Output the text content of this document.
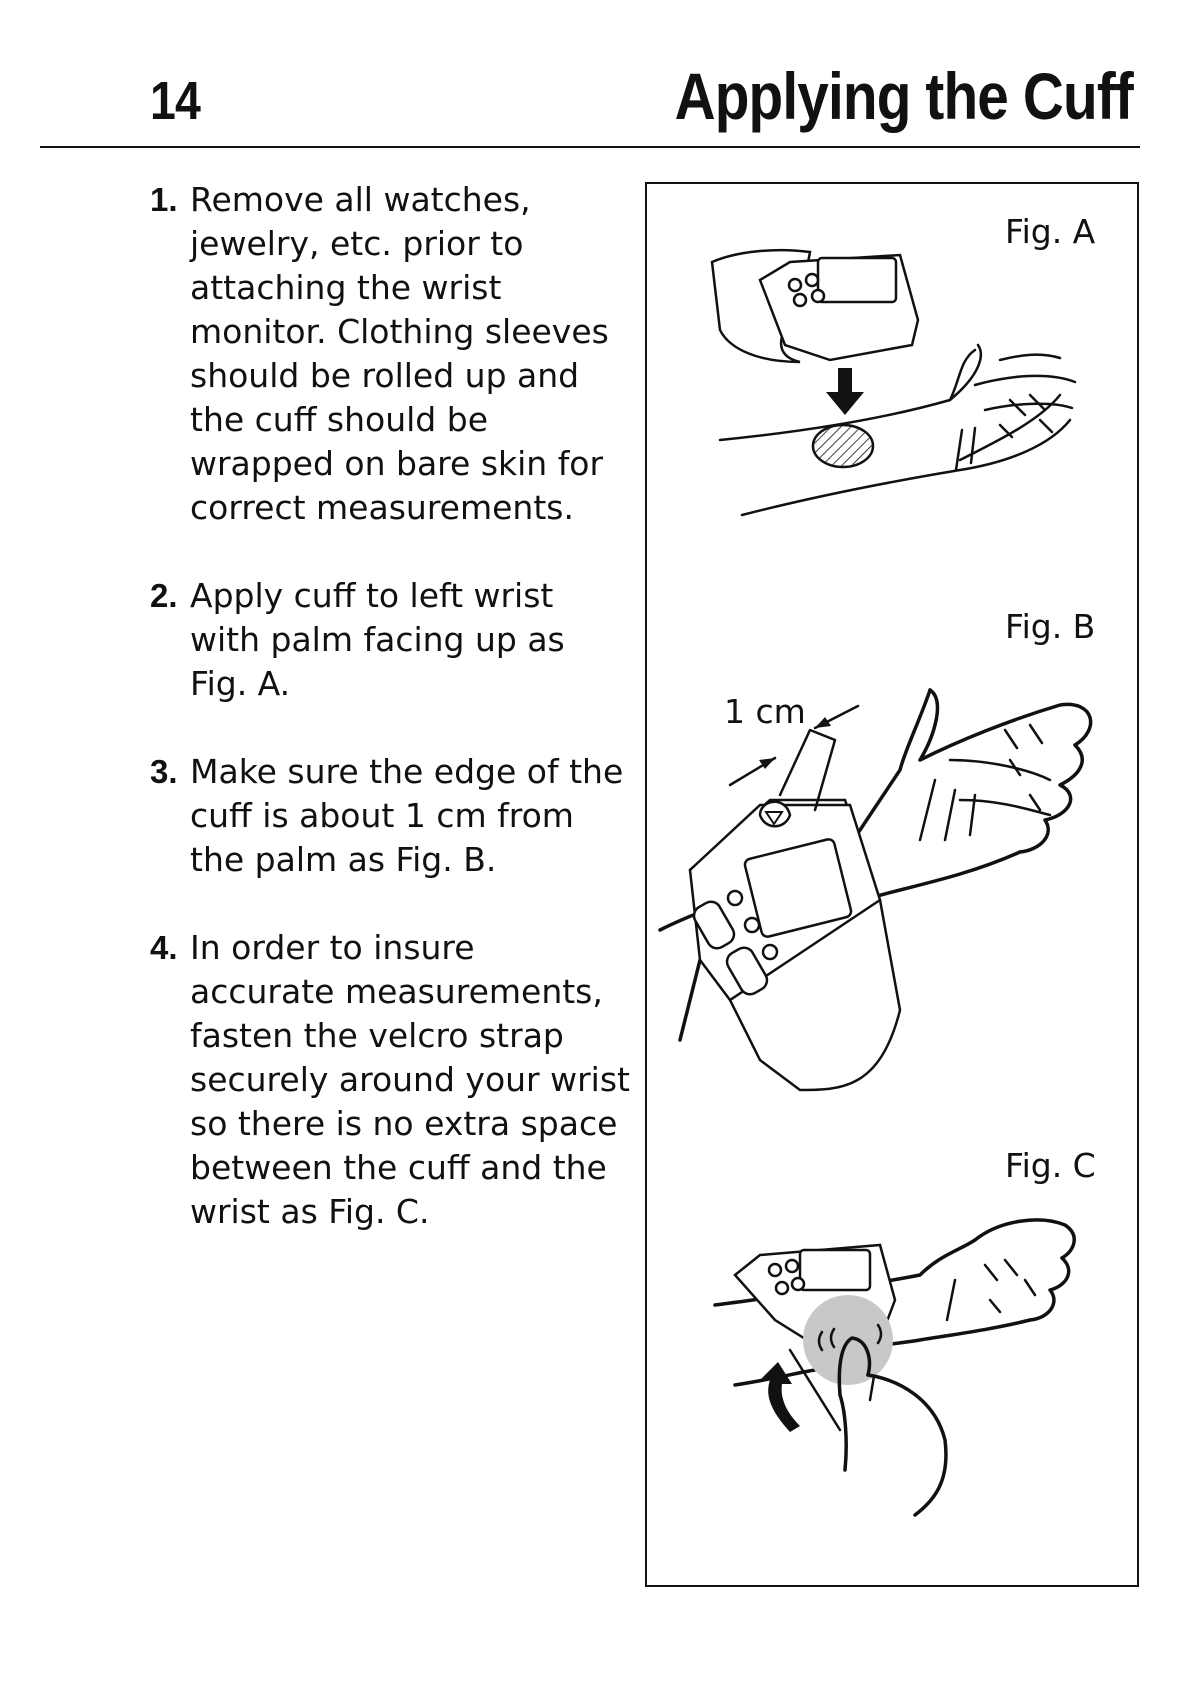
14	Applying the Cuff
1. Remove all watches,
jewelry, etc. prior to
attaching the wrist
monitor. Clothing sleeves
should be rolled up and
the cuff should be
wrapped on bare skin for
correct measurements.
2. Apply cuff to left wrist
with palm facing up as
Fig. A.
3. Make sure the edge of the
cuff is about 1 cm from
the palm as Fig. B.
4. In order to insure
accurate measurements,
fasten the velcro strap
securely around your wrist
so there is no extra space
between the cuff and the
wrist as Fig. C.
Fig. A
Fig. B
1 cm
Fig. C
